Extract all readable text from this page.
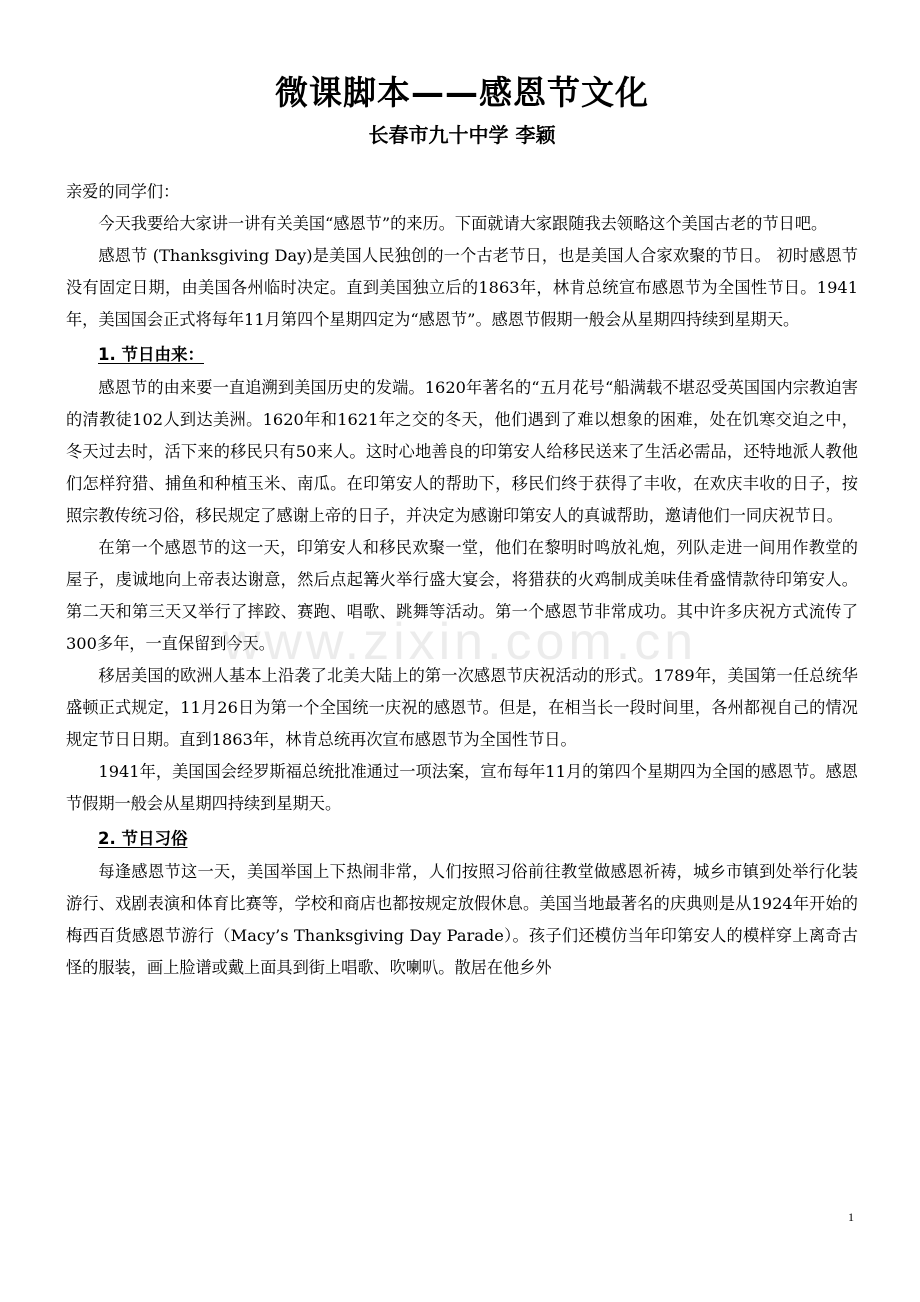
微课脚本——感恩节文化
长春市九十中学 李颖

亲爱的同学们：

今天我要给大家讲一讲有关美国“感恩节”的来历。下面就请大家跟随我去领略这个美国古老的节日吧。

感恩节 (Thanksgiving Day)是美国人民独创的一个古老节日，也是美国人合家欢聚的节日。 初时感恩节没有固定日期，由美国各州临时决定。直到美国独立后的1863年，林肯总统宣布感恩节为全国性节日。1941年，美国国会正式将每年11月第四个星期四定为“感恩节”。感恩节假期一般会从星期四持续到星期天。

1. 节日由来：

感恩节的由来要一直追溯到美国历史的发端。1620年著名的“五月花号“船满载不堪忍受英国国内宗教迫害的清教徒102人到达美洲。1620年和1621年之交的冬天，他们遇到了难以想象的困难，处在饥寒交迫之中，冬天过去时，活下来的移民只有50来人。这时心地善良的印第安人给移民送来了生活必需品，还特地派人教他们怎样狩猎、捕鱼和种植玉米、南瓜。在印第安人的帮助下，移民们终于获得了丰收，在欢庆丰收的日子，按照宗教传统习俗，移民规定了感谢上帝的日子，并决定为感谢印第安人的真诚帮助，邀请他们一同庆祝节日。

在第一个感恩节的这一天，印第安人和移民欢聚一堂，他们在黎明时鸣放礼炮，列队走进一间用作教堂的屋子，虔诚地向上帝表达谢意，然后点起篝火举行盛大宴会，将猎获的火鸡制成美味佳肴盛情款待印第安人。第二天和第三天又举行了摔跤、赛跑、唱歌、跳舞等活动。第一个感恩节非常成功。其中许多庆祝方式流传了300多年，一直保留到今天。

移居美国的欧洲人基本上沿袭了北美大陆上的第一次感恩节庆祝活动的形式。1789年，美国第一任总统华盛顿正式规定，11月26日为第一个全国统一庆祝的感恩节。但是，在相当长一段时间里，各州都视自己的情况规定节日日期。直到1863年，林肯总统再次宣布感恩节为全国性节日。

1941年，美国国会经罗斯福总统批准通过一项法案，宣布每年11月的第四个星期四为全国的感恩节。感恩节假期一般会从星期四持续到星期天。

2. 节日习俗

每逢感恩节这一天，美国举国上下热闹非常，人们按照习俗前往教堂做感恩祈祷，城乡市镇到处举行化装游行、戏剧表演和体育比赛等，学校和商店也都按规定放假休息。美国当地最著名的庆典则是从1924年开始的梅西百货感恩节游行（Macy’s Thanksgiving Day Parade）。孩子们还模仿当年印第安人的模样穿上离奇古怪的服装，画上脸谱或戴上面具到街上唱歌、吹喇叭。散居在他乡外

www.zixin.com.cn
1
